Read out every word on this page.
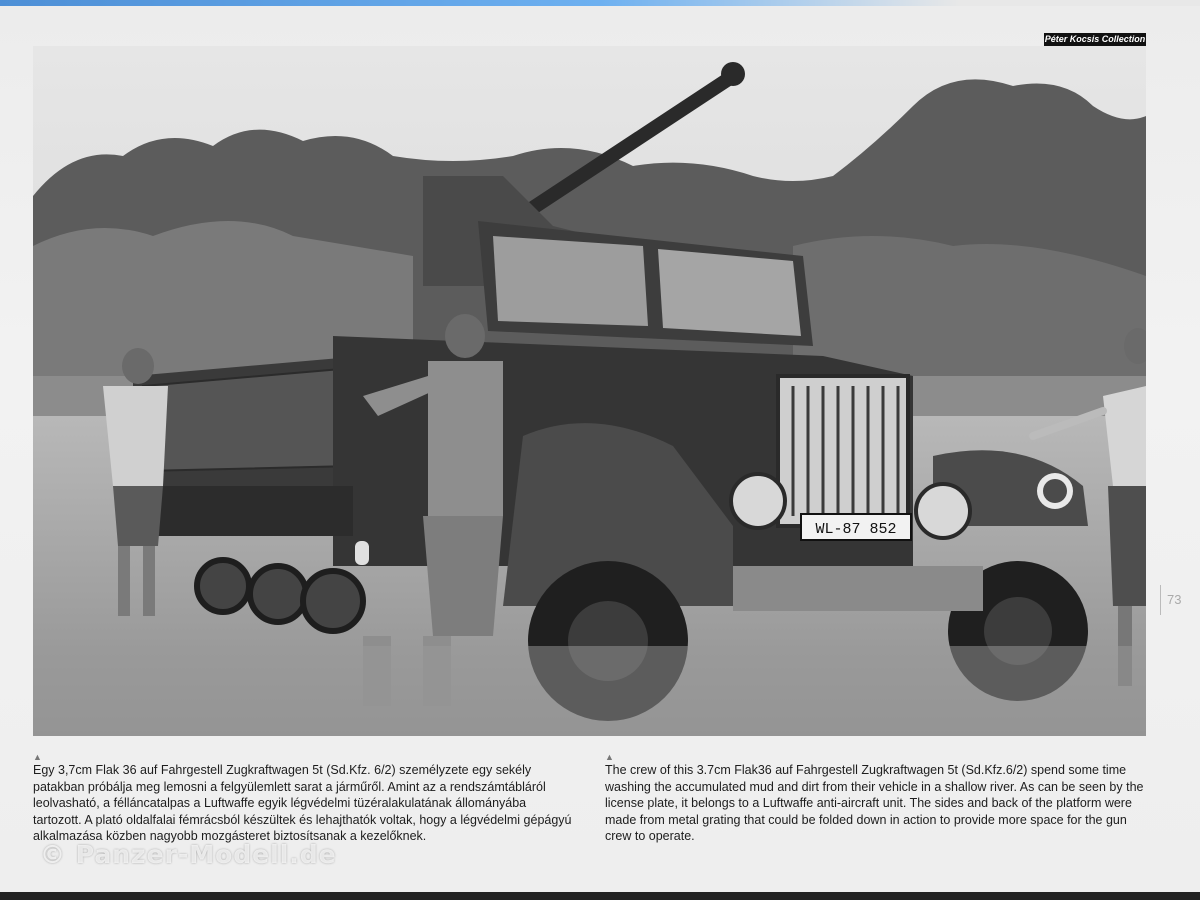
Péter Kocsis Collection
WL-87 852
73
▲
Egy 3,7cm Flak 36 auf Fahrgestell Zugkraftwagen 5t (Sd.Kfz. 6/2) személyzete egy sekély patakban próbálja meg lemosni a felgyülemlett sarat a járműről. Amint az a rendszámtábláról leolvasható, a félláncatalpas a Luftwaffe egyik légvédelmi tüzéralakulatának állományába tartozott. A plató oldalfalai fémrácsból készültek és lehajthatók voltak, hogy a légvédelmi gépágyú alkalmazása közben nagyobb mozgásteret biztosítsanak a kezelőknek.
▲
The crew of this 3.7cm Flak36 auf Fahrgestell Zugkraftwagen 5t (Sd.Kfz.6/2) spend some time washing the accumulated mud and dirt from their vehicle in a shallow river. As can be seen by the license plate, it belongs to a Luftwaffe anti-aircraft unit. The sides and back of the platform were made from metal grating that could be folded down in action to provide more space for the gun crew to operate.
© Panzer-Modell.de
